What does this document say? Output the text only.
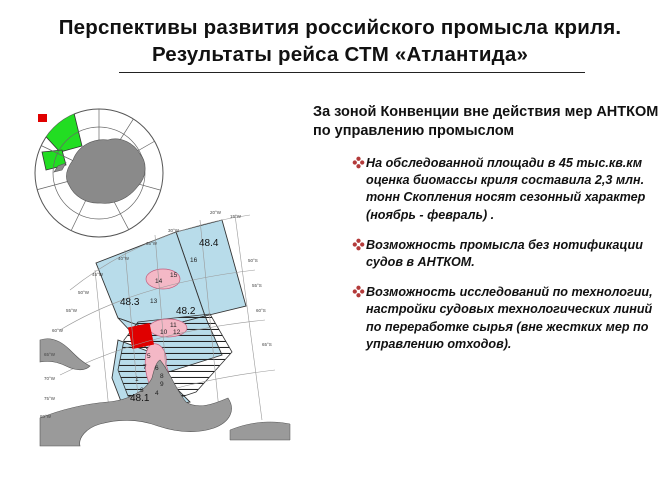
Перспективы развития российского промысла криля.
Результаты рейса СТМ «Атлантида»
За зоной Конвенции вне действия мер АНТКОМ по управлению промыслом
На обследованной площади в 45 тыс.кв.км оценка биомассы криля составила 2,3 млн. тонн Скопления носят сезонный характер (ноябрь - февраль) .
Возможность промысла без нотификации судов в АНТКОМ.
Возможность исследований по технологии, настройки судовых технологических линий по переработке сырья (вне жестких мер по управлению отходов).
48.4
48.3
48.2
48.1
15
14
16
13
11
10 12
5
7 6
8
1
9
3 4
30°W
35°W
40°W
45°W
50°W
55°W
60°W
65°W
70°W
75°W
80°W
20°W
15°W
50°S
55°S
60°S
65°S
